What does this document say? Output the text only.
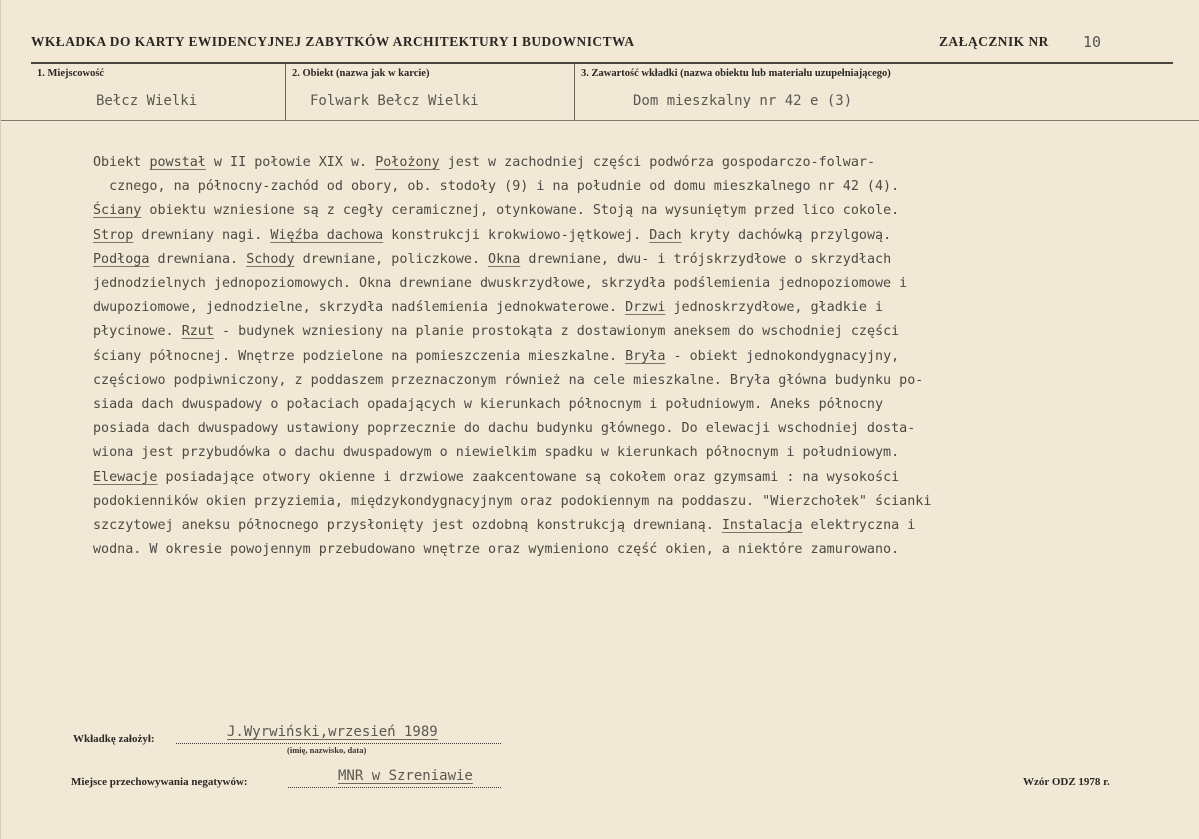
WKŁADKA DO KARTY EWIDENCYJNEJ ZABYTKÓW ARCHITEKTURY I BUDOWNICTWA	ZAŁĄCZNIK NR 10
1. Miejscowość
Bełcz Wielki
2. Obiekt (nazwa jak w karcie)
Folwark Bełcz Wielki
3. Zawartość wkładki (nazwa obiektu lub materiału uzupełniającego)
Dom mieszkalny nr 42 e (3)
Obiekt powstał w II połowie XIX w. Położony jest w zachodniej części podwórza gospodarczo-folwar-
cznego, na północny-zachód od obory, ob. stodoły (9) i na południe od domu mieszkalnego nr 42 (4).
Ściany obiektu wzniesione są z cegły ceramicznej, otynkowane. Stoją na wysuniętym przed lico cokole.
Strop drewniany nagi. Więźba dachowa konstrukcji krokwiowo-jętkowej. Dach kryty dachówką przylgową.
Podłoga drewniana. Schody drewniane, policzkowe. Okna drewniane, dwu- i trójskrzydłowe o skrzydłach
jednodzielnych jednopoziomowych. Okna drewniane dwuskrzydłowe, skrzydła podślemienia jednopoziomowe i
dwupoziomowe, jednodzielne, skrzydła nadślemienia jednokwaterowe. Drzwi jednoskrzydłowe, gładkie i
płycinowe. Rzut - budynek wzniesiony na planie prostokąta z dostawionym aneksem do wschodniej części
ściany północnej. Wnętrze podzielone na pomieszczenia mieszkalne. Bryła - obiekt jednokondygnacyjny,
częściowo podpiwniczony, z poddaszem przeznaczonym również na cele mieszkalne. Bryła główna budynku po-
siada dach dwuspadowy o połaciach opadających w kierunkach północnym i południowym. Aneks północny
posiada dach dwuspadowy ustawiony poprzecznie do dachu budynku głównego. Do elewacji wschodniej dosta-
wiona jest przybudówka o dachu dwuspadowym o niewielkim spadku w kierunkach północnym i południowym.
Elewacje posiadające otwory okienne i drzwiowe zaakcentowane są cokołem oraz gzymsami : na wysokości
podokienników okien przyziemia, międzykondygnacyjnym oraz podokiennym na poddaszu. "Wierzchołek" ścianki
szczytowej aneksu północnego przysłonięty jest ozdobną konstrukcją drewnianą. Instalacja elektryczna i
wodna. W okresie powojennym przebudowano wnętrze oraz wymieniono część okien, a niektóre zamurowano.
Wkładkę założył:	J.Wyrwiński,wrzesień 1989
(imię, nazwisko, data)
Miejsce przechowywania negatywów:	MNR w Szreniawie	Wzór ODZ 1978 r.
